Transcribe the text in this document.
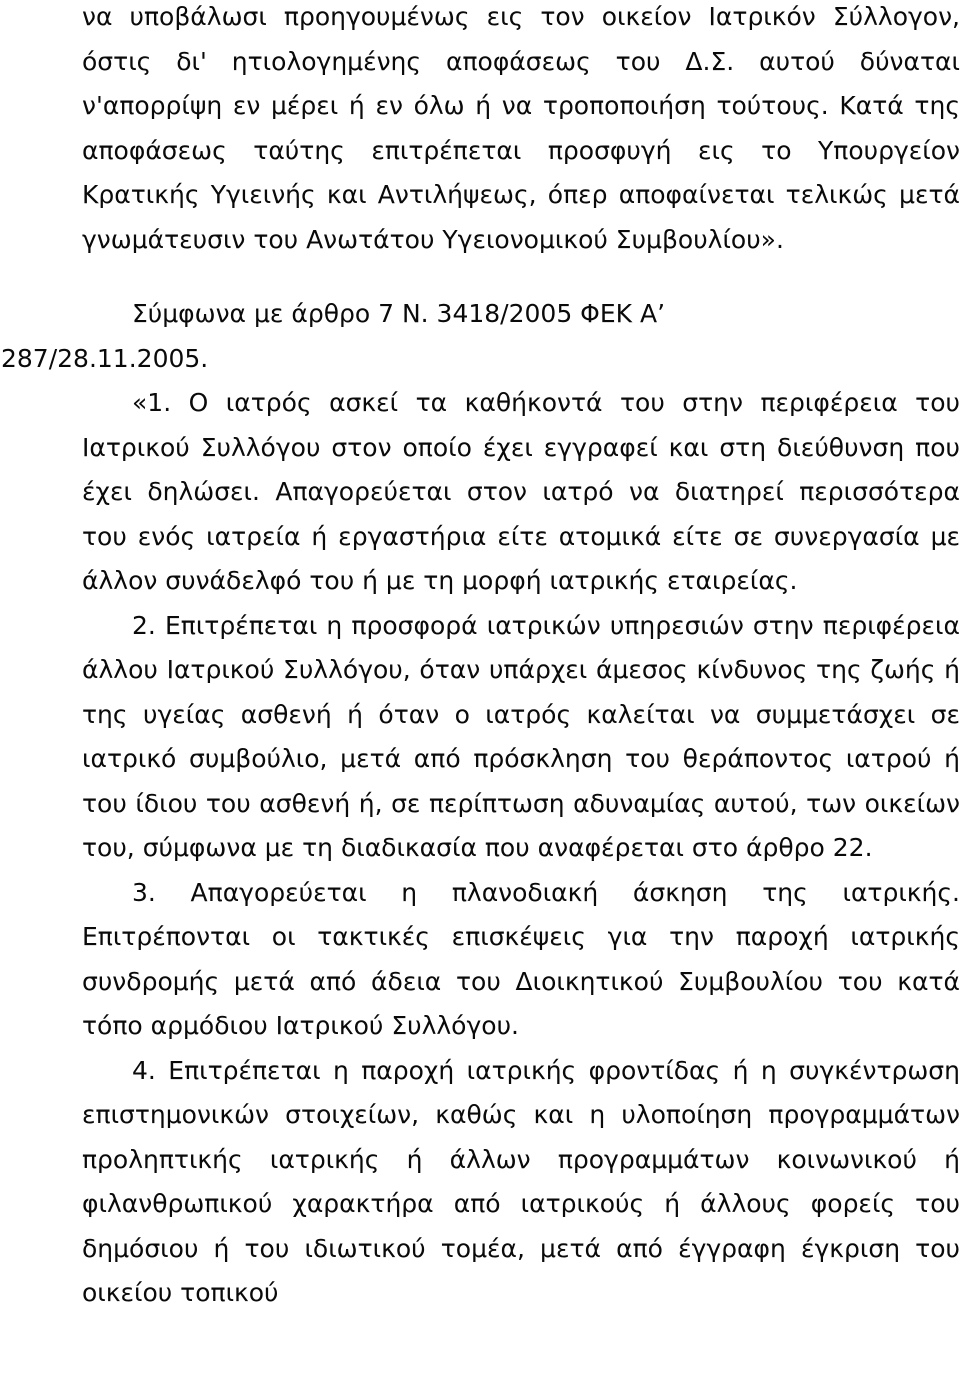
να υποβάλωσι προηγουμένως εις τον οικείον Ιατρικόν Σύλλογον, όστις δι' ητιολογημένης αποφάσεως του Δ.Σ. αυτού δύναται ν'απορρίψη εν μέρει ή εν όλω ή να τροποποιήση τούτους. Κατά της αποφάσεως ταύτης επιτρέπεται προσφυγή εις το Υπουργείον Κρατικής Υγιεινής και Αντιλήψεως, όπερ αποφαίνεται τελικώς μετά γνωμάτευσιν του Ανωτάτου Υγειονομικού Συμβουλίου».

Σύμφωνα με άρθρο 7 Ν. 3418/2005 ΦΕΚ Α’
287/28.11.2005.

«1. Ο ιατρός ασκεί τα καθήκοντά του στην περιφέρεια του Ιατρικού Συλλόγου στον οποίο έχει εγγραφεί και στη διεύθυνση που έχει δηλώσει. Απαγορεύεται στον ιατρό να διατηρεί περισσότερα του ενός ιατρεία ή εργαστήρια είτε ατομικά είτε σε συνεργασία με άλλον συνάδελφό του ή με τη μορφή ιατρικής εταιρείας.

2. Επιτρέπεται η προσφορά ιατρικών υπηρεσιών στην περιφέρεια άλλου Ιατρικού Συλλόγου, όταν υπάρχει άμεσος κίνδυνος της ζωής ή της υγείας ασθενή ή όταν ο ιατρός καλείται να συμμετάσχει σε ιατρικό συμβούλιο, μετά από πρόσκληση του θεράποντος ιατρού ή του ίδιου του ασθενή ή, σε περίπτωση αδυναμίας αυτού, των οικείων του, σύμφωνα με τη διαδικασία που αναφέρεται στο άρθρο 22.

3. Απαγορεύεται η πλανοδιακή άσκηση της ιατρικής. Επιτρέπονται οι τακτικές επισκέψεις για την παροχή ιατρικής συνδρομής μετά από άδεια του Διοικητικού Συμβουλίου του κατά τόπο αρμόδιου Ιατρικού Συλλόγου.

4. Επιτρέπεται η παροχή ιατρικής φροντίδας ή η συγκέντρωση επιστημονικών στοιχείων, καθώς και η υλοποίηση προγραμμάτων προληπτικής ιατρικής ή άλλων προγραμμάτων κοινωνικού ή φιλανθρωπικού χαρακτήρα από ιατρικούς ή άλλους φορείς του δημόσιου ή του ιδιωτικού τομέα, μετά από έγγραφη έγκριση του οικείου τοπικού
